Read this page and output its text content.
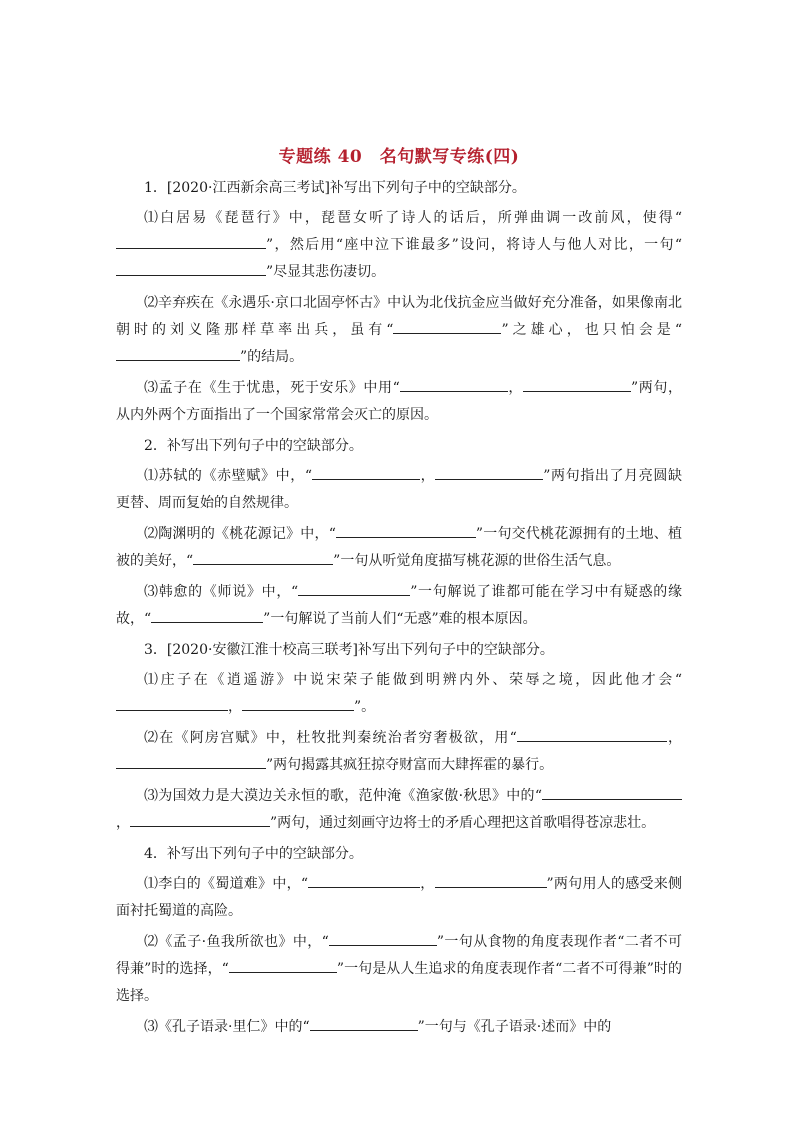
专题练 40　名句默写专练(四)

1．[2020·江西新余高三考试]补写出下列句子中的空缺部分。

⑴白居易《琵琶行》中，琵琶女听了诗人的话后，所弹曲调一改前风，使得“”，然后用“座中泣下谁最多”设问，将诗人与他人对比，一句“”尽显其悲伤凄切。

⑵辛弃疾在《永遇乐·京口北固亭怀古》中认为北伐抗金应当做好充分准备，如果像南北朝时的刘义隆那样草率出兵，虽有“	”之雄心，也只怕会是“”的结局。

⑶孟子在《生于忧患，死于安乐》中用“	，	”两句，从内外两个方面指出了一个国家常常会灭亡的原因。

2．补写出下列句子中的空缺部分。

⑴苏轼的《赤壁赋》中，“	，	”两句指出了月亮圆缺更替、周而复始的自然规律。

⑵陶渊明的《桃花源记》中，“	”一句交代桃花源拥有的土地、植被的美好，“	”一句从听觉角度描写桃花源的世俗生活气息。

⑶韩愈的《师说》中，“	”一句解说了谁都可能在学习中有疑惑的缘故，“	”一句解说了当前人们“无惑”难的根本原因。

3．[2020·安徽江淮十校高三联考]补写出下列句子中的空缺部分。

⑴庄子在《逍遥游》中说宋荣子能做到明辨内外、荣辱之境，因此他才会“，	”。

⑵在《阿房宫赋》中，杜牧批判秦统治者穷奢极欲，用“	，”两句揭露其疯狂掠夺财富而大肆挥霍的暴行。

⑶为国效力是大漠边关永恒的歌，范仲淹《渔家傲·秋思》中的“，	”两句，通过刻画守边将士的矛盾心理把这首歌唱得苍凉悲壮。

4．补写出下列句子中的空缺部分。

⑴李白的《蜀道难》中，“	，	”两句用人的感受来侧面衬托蜀道的高险。

⑵《孟子·鱼我所欲也》中，“	”一句从食物的角度表现作者“二者不可得兼”时的选择，“	”一句是从人生追求的角度表现作者“二者不可得兼”时的选择。

⑶《孔子语录·里仁》中的“	”一句与《孔子语录·述而》中的
